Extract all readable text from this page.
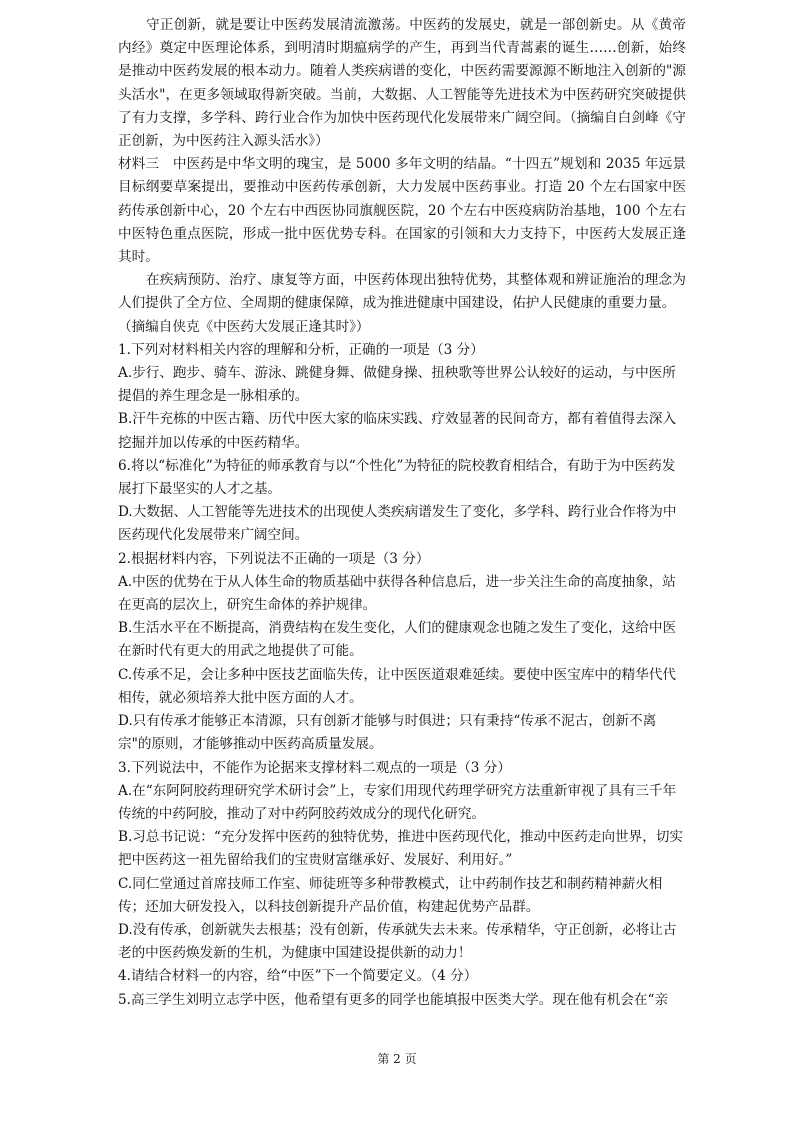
守正创新，就是要让中医药发展清流激荡。中医药的发展史，就是一部创新史。从《黄帝内经》奠定中医理论体系，到明清时期瘟病学的产生，再到当代青蒿素的诞生……创新，始终是推动中医药发展的根本动力。随着人类疾病谱的变化，中医药需要源源不断地注入创新的"源头活水"，在更多领域取得新突破。当前，大数据、人工智能等先进技术为中医药研究突破提供了有力支撑，多学科、跨行业合作为加快中医药现代化发展带来广阔空间。（摘编自白剑峰《守正创新，为中医药注入源头活水》）

材料三　中医药是中华文明的瑰宝，是 5000 多年文明的结晶。“十四五”规划和 2035 年远景目标纲要草案提出，要推动中医药传承创新，大力发展中医药事业。打造 20 个左右国家中医药传承创新中心，20 个左右中西医协同旗舰医院，20 个左右中医疫病防治基地，100 个左右中医特色重点医院，形成一批中医优势专科。在国家的引领和大力支持下，中医药大发展正逢其时。

在疾病预防、治疗、康复等方面，中医药体现出独特优势，其整体观和辨证施治的理念为人们提供了全方位、全周期的健康保障，成为推进健康中国建设，佑护人民健康的重要力量。

（摘编自侠克《中医药大发展正逢其时》）

1.下列对材料相关内容的理解和分析，正确的一项是（3 分）

A.步行、跑步、骑车、游泳、跳健身舞、做健身操、扭秧歌等世界公认较好的运动，与中医所提倡的养生理念是一脉相承的。

B.汗牛充栋的中医古籍、历代中医大家的临床实践、疗效显著的民间奇方，都有着值得去深入挖掘并加以传承的中医药精华。

6.将以“标准化”为特征的师承教育与以“个性化”为特征的院校教育相结合，有助于为中医药发展打下最坚实的人才之基。

D.大数据、人工智能等先进技术的出现使人类疾病谱发生了变化，多学科、跨行业合作将为中医药现代化发展带来广阔空间。

2.根据材料内容，下列说法不正确的一项是（3 分）

A.中医的优势在于从人体生命的物质基础中获得各种信息后，进一步关注生命的高度抽象，站在更高的层次上，研究生命体的养护规律。

B.生活水平在不断提高，消费结构在发生变化，人们的健康观念也随之发生了变化，这给中医在新时代有更大的用武之地提供了可能。

C.传承不足，会让多种中医技艺面临失传，让中医医道艰难延续。要使中医宝库中的精华代代相传，就必须培养大批中医方面的人才。

D.只有传承才能够正本清源，只有创新才能够与时俱进；只有秉持“传承不泥古，创新不离宗"的原则，才能够推动中医药高质量发展。

3.下列说法中，不能作为论据来支撑材料二观点的一项是（3 分）

A.在“东阿阿胶药理研究学术研讨会”上，专家们用现代药理学研究方法重新审视了具有三千年传统的中药阿胶，推动了对中药阿胶药效成分的现代化研究。

B.习总书记说：“充分发挥中医药的独特优势，推进中医药现代化，推动中医药走向世界，切实把中医药这一祖先留给我们的宝贵财富继承好、发展好、利用好。”

C.同仁堂通过首席技师工作室、师徒班等多种带教模式，让中药制作技艺和制药精神薪火相传；还加大研发投入，以科技创新提升产品价值，构建起优势产品群。

D.没有传承，创新就失去根基；没有创新，传承就失去未来。传承精华，守正创新，必将让古老的中医药焕发新的生机，为健康中国建设提供新的动力！

4.请结合材料一的内容，给“中医”下一个简要定义。（4 分）

5.高三学生刘明立志学中医，他希望有更多的同学也能填报中医类大学。现在他有机会在“亲

第 2 页
